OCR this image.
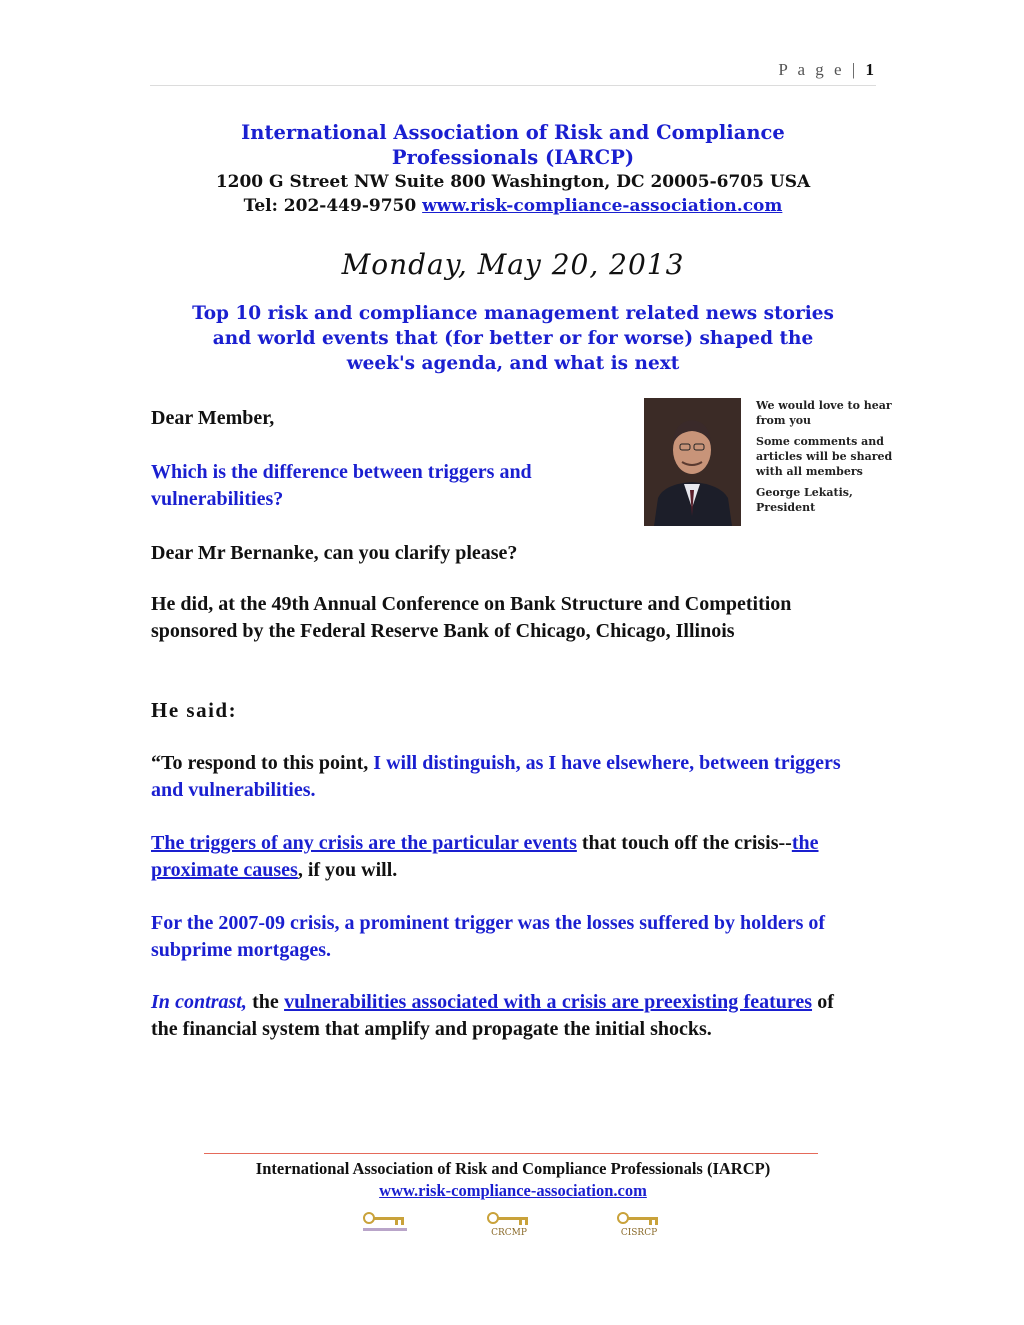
P a g e | 1

International Association of Risk and Compliance
Professionals (IARCP)

1200 G Street NW Suite 800 Washington, DC 20005-6705 USA

Tel: 202-449-9750 www.risk-compliance-association.com

Monday, May 20, 2013
Top 10 risk and compliance management related news stories
and world events that (for better or for worse) shaped the
week's agenda, and what is next

We would love to hear from you

Some comments and articles will be shared with all members

George Lekatis, President

Dear Member,
Which is the difference between triggers and vulnerabilities?
Dear Mr Bernanke, can you clarify please?
He did, at the 49th Annual Conference on Bank Structure and Competition sponsored by the Federal Reserve Bank of Chicago, Chicago, Illinois
He said:
“To respond to this point, I will distinguish, as I have elsewhere, between triggers and vulnerabilities.
The triggers of any crisis are the particular events that touch off the crisis--the proximate causes, if you will.
For the 2007-09 crisis, a prominent trigger was the losses suffered by holders of subprime mortgages.
In contrast, the vulnerabilities associated with a crisis are preexisting features of the financial system that amplify and propagate the initial shocks.
International Association of Risk and Compliance Professionals (IARCP)
www.risk-compliance-association.com
CRCMP	CISRCP
